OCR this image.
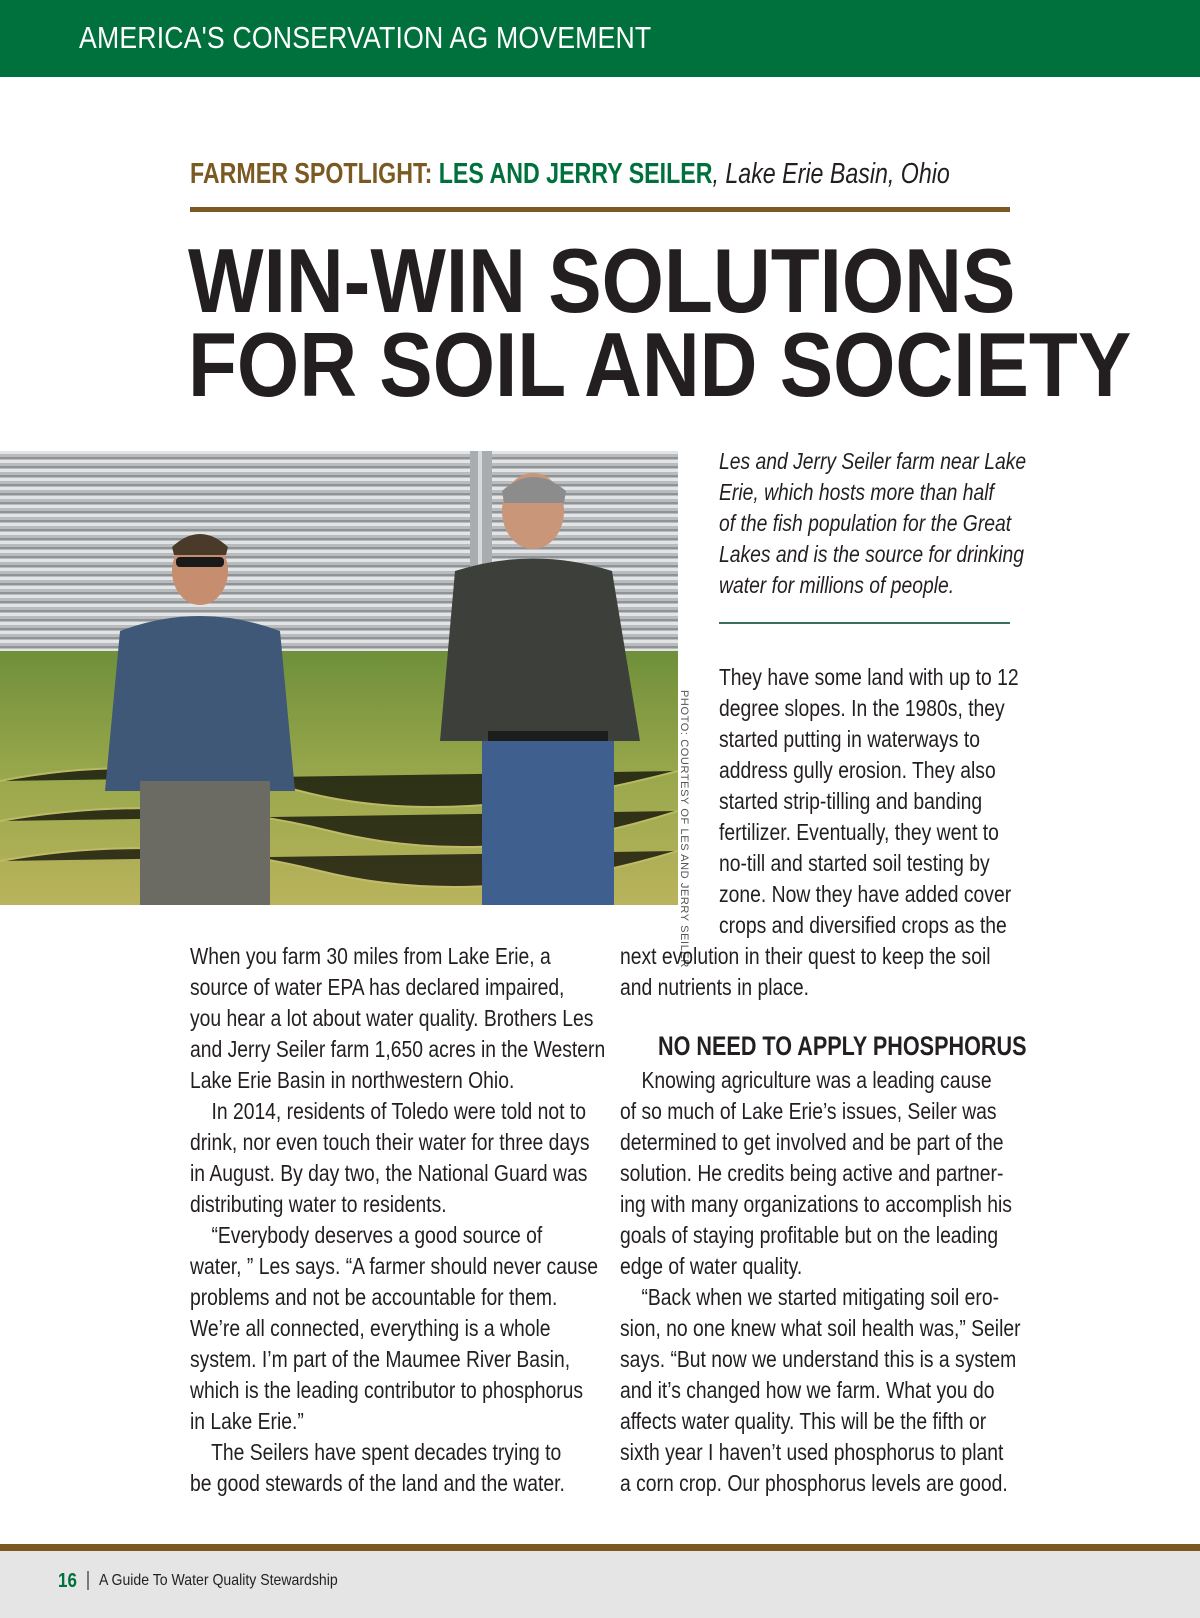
AMERICA'S CONSERVATION AG MOVEMENT
FARMER SPOTLIGHT: LES AND JERRY SEILER, Lake Erie Basin, Ohio
WIN-WIN SOLUTIONS
FOR SOIL AND SOCIETY
PHOTO: COURTESY OF LES AND JERRY SEILER
Les and Jerry Seiler farm near Lake
Erie, which hosts more than half
of the fish population for the Great
Lakes and is the source for drinking
water for millions of people.
They have some land with up to 12
degree slopes. In the 1980s, they
started putting in waterways to
address gully erosion. They also
started strip-tilling and banding
fertilizer. Eventually, they went to
no-till and started soil testing by
zone. Now they have added cover
crops and diversified crops as the
When you farm 30 miles from Lake Erie, a
source of water EPA has declared impaired,
you hear a lot about water quality. Brothers Les
and Jerry Seiler farm 1,650 acres in the Western
Lake Erie Basin in northwestern Ohio.
In 2014, residents of Toledo were told not to
drink, nor even touch their water for three days
in August. By day two, the National Guard was
distributing water to residents.
“Everybody deserves a good source of
water, ” Les says. “A farmer should never cause
problems and not be accountable for them.
We’re all connected, everything is a whole
system. I’m part of the Maumee River Basin,
which is the leading contributor to phosphorus
in Lake Erie.”
The Seilers have spent decades trying to
be good stewards of the land and the water.
next evolution in their quest to keep the soil
and nutrients in place.
NO NEED TO APPLY PHOSPHORUS
Knowing agriculture was a leading cause
of so much of Lake Erie’s issues, Seiler was
determined to get involved and be part of the
solution. He credits being active and partner-
ing with many organizations to accomplish his
goals of staying profitable but on the leading
edge of water quality.
“Back when we started mitigating soil ero-
sion, no one knew what soil health was,” Seiler
says. “But now we understand this is a system
and it’s changed how we farm. What you do
affects water quality. This will be the fifth or
sixth year I haven’t used phosphorus to plant
a corn crop. Our phosphorus levels are good.
16 A Guide To Water Quality Stewardship
